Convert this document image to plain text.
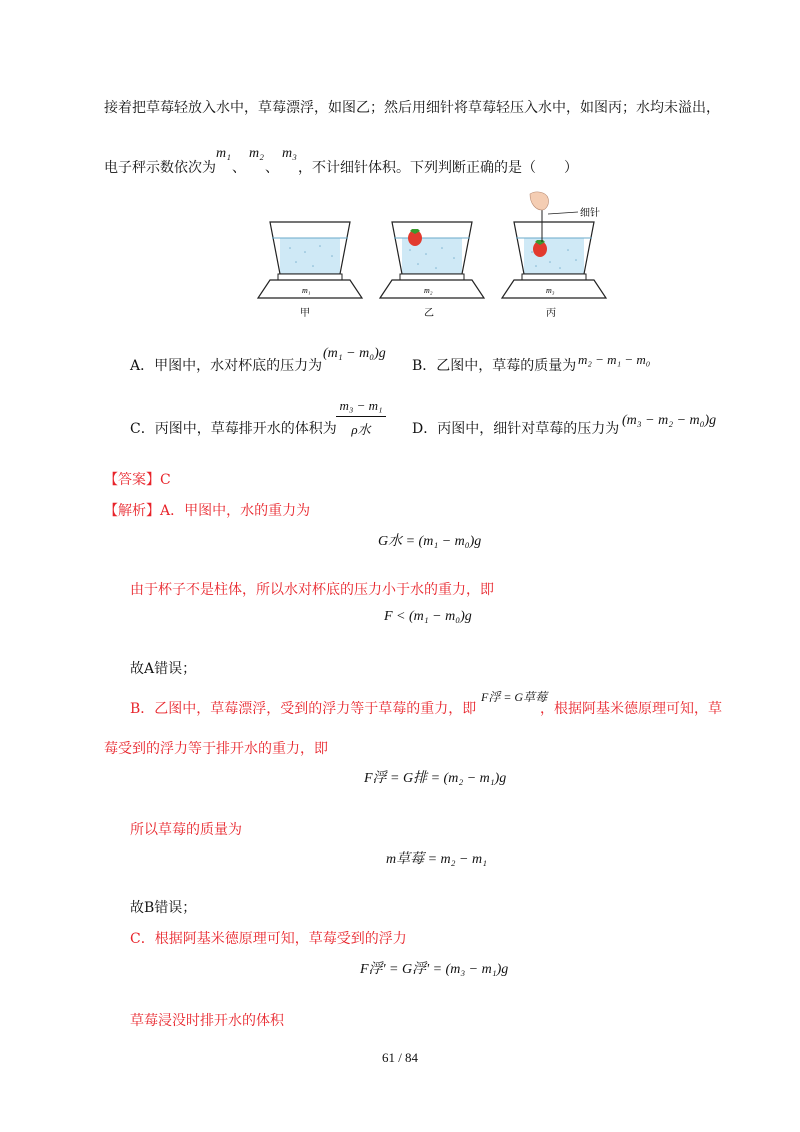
接着把草莓轻放入水中，草莓漂浮，如图乙；然后用细针将草莓轻压入水中，如图丙；水均未溢出，
电子秤示数依次为
m₁
、
m₂
、
m₃
，不计细针体积。下列判断正确的是（　　）
m₁
甲
m₂
乙
细针
m₃
丙
A．甲图中，水对杯底的压力为
(m₁ − m₀)g
B．乙图中，草莓的质量为 m₂ − m₁ − m₀
C．丙图中，草莓排开水的体积为
m₃ − m₁
ρ水	D．丙图中，细针对草莓的压力为
(m₃ − m₂ − m₀)g
【答案】C
【解析】A．甲图中，水的重力为
G水 = (m₁ − m₀)g
由于杯子不是柱体，所以水对杯底的压力小于水的重力，即
F < (m₁ − m₀)g
故A错误；
B．乙图中，草莓漂浮，受到的浮力等于草莓的重力，即
F浮 = G草莓
，根据阿基米德原理可知，草
莓受到的浮力等于排开水的重力，即
F浮 = G排 = (m₂ − m₁)g
所以草莓的质量为
m草莓 = m₂ − m₁
故B错误；
C．根据阿基米德原理可知，草莓受到的浮力
F浮' = G浮' = (m₃ − m₁)g
草莓浸没时排开水的体积
61 / 84
